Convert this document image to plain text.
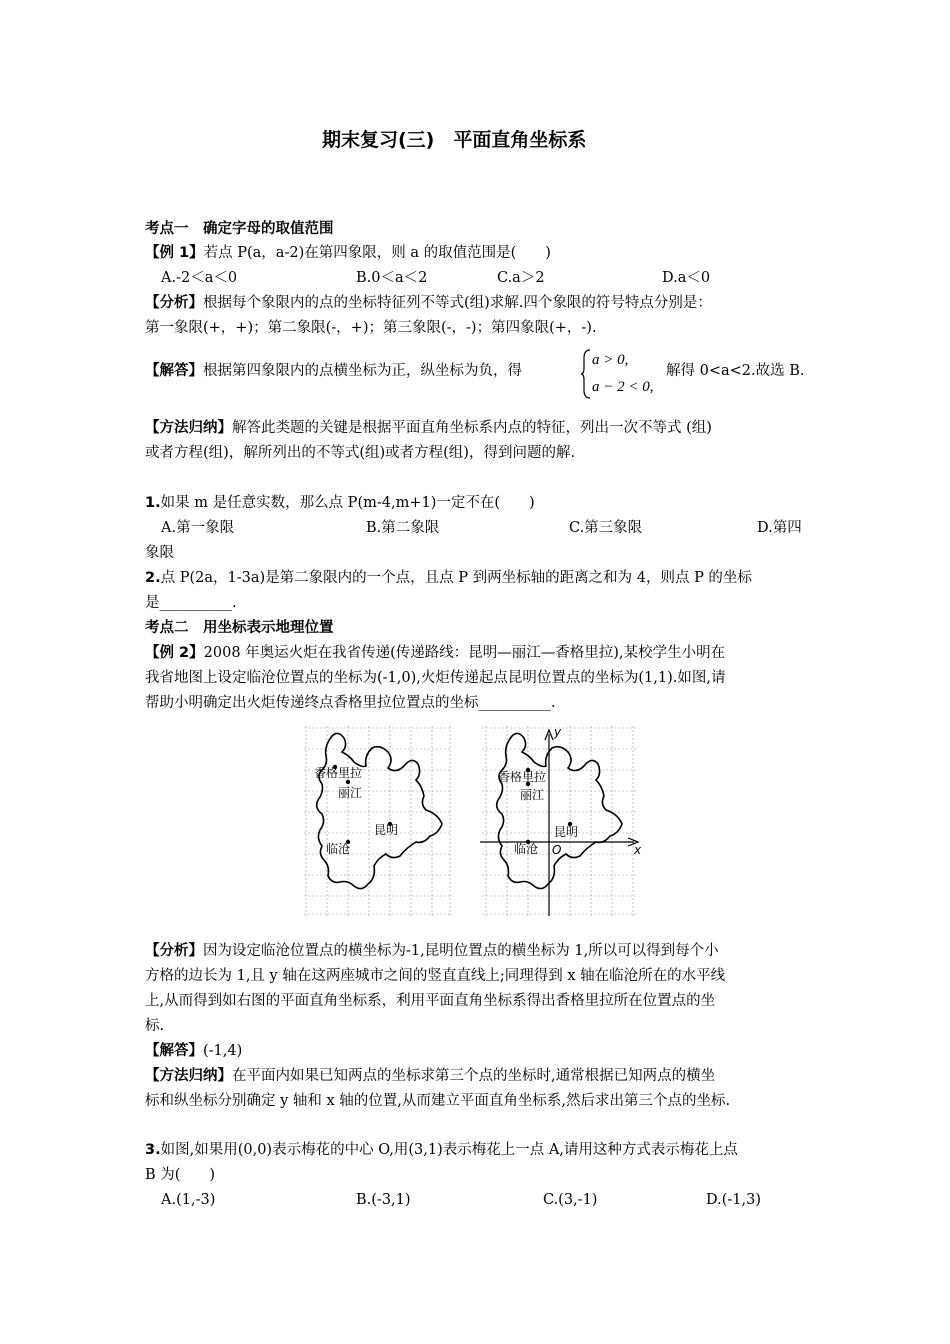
期末复习(三)　平面直角坐标系
考点一　确定字母的取值范围
【例 1】若点 P(a，a-2)在第四象限，则 a 的取值范围是(　　)
A.-2＜a＜0	B.0＜a＜2	C.a＞2	D.a＜0
【分析】根据每个象限内的点的坐标特征列不等式(组)求解.四个象限的符号特点分别是：
第一象限(+，+)；第二象限(-，+)；第三象限(-，-)；第四象限(+，-).
【解答】根据第四象限内的点横坐标为正，纵坐标为负，得
a > 0,
a − 2 < 0,
解得 0<a<2.故选 B.
【方法归纳】解答此类题的关键是根据平面直角坐标系内点的特征，列出一次不等式 (组)
或者方程(组)，解所列出的不等式(组)或者方程(组)，得到问题的解.
1.如果 m 是任意实数，那么点 P(m-4,m+1)一定不在(　　)
A.第一象限	B.第二象限	C.第三象限	D.第四
象限
2.点 P(2a，1-3a)是第二象限内的一个点，且点 P 到两坐标轴的距离之和为 4，则点 P 的坐标
是__________.
考点二　用坐标表示地理位置
【例 2】2008 年奥运火炬在我省传递(传递路线：昆明—丽江—香格里拉),某校学生小明在
我省地图上设定临沧位置点的坐标为(-1,0),火炬传递起点昆明位置点的坐标为(1,1).如图,请
帮助小明确定出火炬传递终点香格里拉位置点的坐标__________.
香格里拉
丽江
昆明
临沧
香格里拉
丽江
昆明
临沧 O	x
y
【分析】因为设定临沧位置点的横坐标为-1,昆明位置点的横坐标为 1,所以可以得到每个小
方格的边长为 1,且 y 轴在这两座城市之间的竖直直线上;同理得到 x 轴在临沧所在的水平线
上,从而得到如右图的平面直角坐标系，利用平面直角坐标系得出香格里拉所在位置点的坐
标.
【解答】(-1,4)
【方法归纳】在平面内如果已知两点的坐标求第三个点的坐标时,通常根据已知两点的横坐
标和纵坐标分别确定 y 轴和 x 轴的位置,从而建立平面直角坐标系,然后求出第三个点的坐标.
3.如图,如果用(0,0)表示梅花的中心 O,用(3,1)表示梅花上一点 A,请用这种方式表示梅花上点
B 为(　　)
A.(1,-3)	B.(-3,1)	C.(3,-1)	D.(-1,3)
